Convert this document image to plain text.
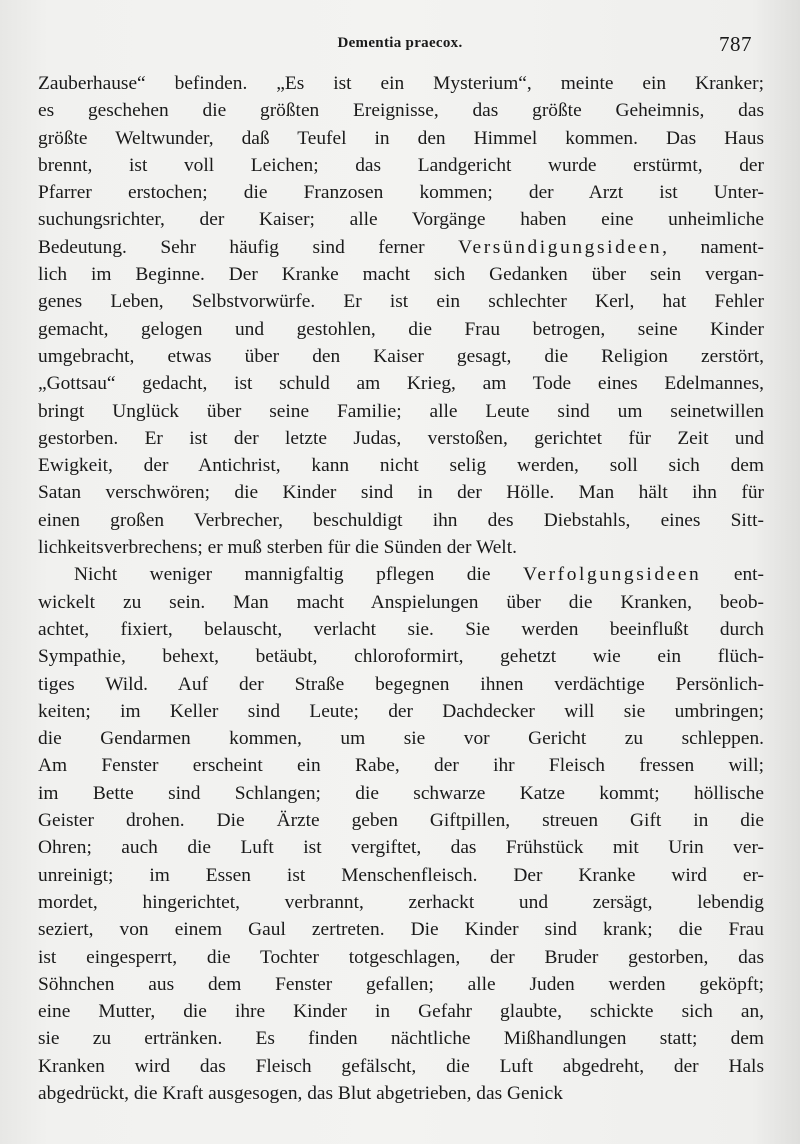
Dementia praecox.	787
Zauberhause“ befinden. „Es ist ein Mysterium“, meinte ein Kranker;
es geschehen die größten Ereignisse, das größte Geheimnis, das
größte Weltwunder, daß Teufel in den Himmel kommen. Das Haus
brennt, ist voll Leichen; das Landgericht wurde erstürmt, der
Pfarrer erstochen; die Franzosen kommen; der Arzt ist Unter-
suchungsrichter, der Kaiser; alle Vorgänge haben eine unheimliche
Bedeutung. Sehr häufig sind ferner Versündigungsideen, nament-
lich im Beginne. Der Kranke macht sich Gedanken über sein vergan-
genes Leben, Selbstvorwürfe. Er ist ein schlechter Kerl, hat Fehler
gemacht, gelogen und gestohlen, die Frau betrogen, seine Kinder
umgebracht, etwas über den Kaiser gesagt, die Religion zerstört,
„Gottsau“ gedacht, ist schuld am Krieg, am Tode eines Edelmannes,
bringt Unglück über seine Familie; alle Leute sind um seinetwillen
gestorben. Er ist der letzte Judas, verstoßen, gerichtet für Zeit und
Ewigkeit, der Antichrist, kann nicht selig werden, soll sich dem
Satan verschwören; die Kinder sind in der Hölle. Man hält ihn für
einen großen Verbrecher, beschuldigt ihn des Diebstahls, eines Sitt-
lichkeitsverbrechens; er muß sterben für die Sünden der Welt.
Nicht weniger mannigfaltig pflegen die Verfolgungsideen ent-
wickelt zu sein. Man macht Anspielungen über die Kranken, beob-
achtet, fixiert, belauscht, verlacht sie. Sie werden beeinflußt durch
Sympathie, behext, betäubt, chloroformirt, gehetzt wie ein flüch-
tiges Wild. Auf der Straße begegnen ihnen verdächtige Persönlich-
keiten; im Keller sind Leute; der Dachdecker will sie umbringen;
die Gendarmen kommen, um sie vor Gericht zu schleppen.
Am Fenster erscheint ein Rabe, der ihr Fleisch fressen will;
im Bette sind Schlangen; die schwarze Katze kommt; höllische
Geister drohen. Die Ärzte geben Giftpillen, streuen Gift in die
Ohren; auch die Luft ist vergiftet, das Frühstück mit Urin ver-
unreinigt; im Essen ist Menschenfleisch. Der Kranke wird er-
mordet, hingerichtet, verbrannt, zerhackt und zersägt, lebendig
seziert, von einem Gaul zertreten. Die Kinder sind krank; die Frau
ist eingesperrt, die Tochter totgeschlagen, der Bruder gestorben, das
Söhnchen aus dem Fenster gefallen; alle Juden werden geköpft;
eine Mutter, die ihre Kinder in Gefahr glaubte, schickte sich an,
sie zu ertränken. Es finden nächtliche Mißhandlungen statt; dem
Kranken wird das Fleisch gefälscht, die Luft abgedreht, der Hals
abgedrückt, die Kraft ausgesogen, das Blut abgetrieben, das Genick
